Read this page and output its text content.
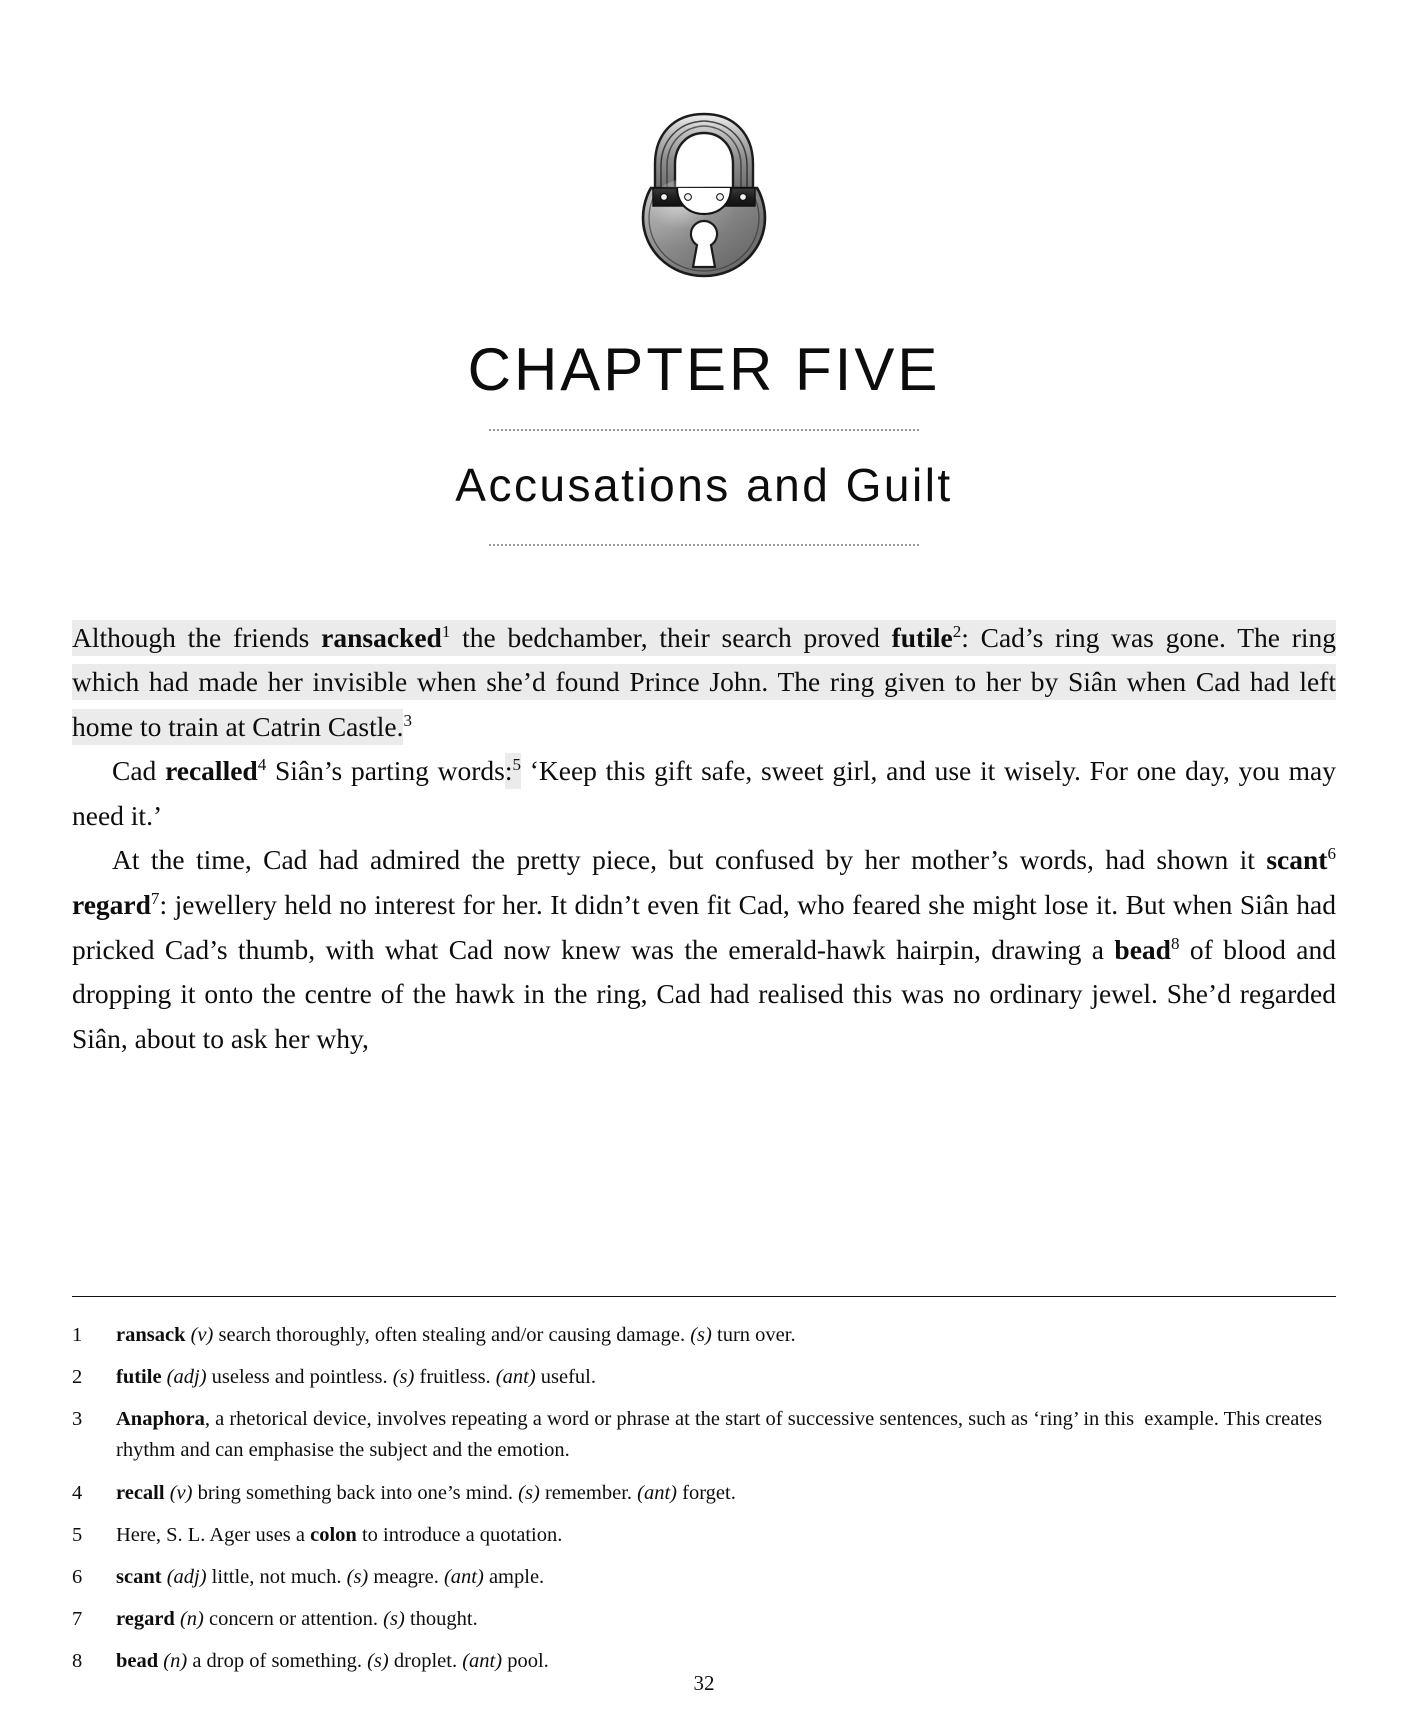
CHAPTER FIVE
Accusations and Guilt

Although the friends ransacked$^1$ the bedchamber, their search proved futile$^2$: Cad’s ring was gone. The ring which had made her invisible when she’d found Prince John. The ring given to her by Siân when Cad had left home to train at Catrin Castle.$^3$

Cad recalled$^4$ Siân’s parting words:$^5$ ‘Keep this gift safe, sweet girl, and use it wisely. For one day, you may need it.’

At the time, Cad had admired the pretty piece, but confused by her mother’s words, had shown it scant$^6$ regard$^7$: jewellery held no interest for her. It didn’t even fit Cad, who feared she might lose it. But when Siân had pricked Cad’s thumb, with what Cad now knew was the emerald-hawk hairpin, drawing a bead$^8$ of blood and dropping it onto the centre of the hawk in the ring, Cad had realised this was no ordinary jewel. She’d regarded Siân, about to ask her why,

1	ransack (v) search thoroughly, often stealing and/or causing damage. (s) turn over.
2	futile (adj) useless and pointless. (s) fruitless. (ant) useful.
3	Anaphora, a rhetorical device, involves repeating a word or phrase at the start of successive sentences, such as ‘ring’ in this  example. This creates rhythm and can emphasise the subject and the emotion.
4	recall (v) bring something back into one’s mind. (s) remember. (ant) forget.
5	Here, S. L. Ager uses a colon to introduce a quotation.
6	scant (adj) little, not much. (s) meagre. (ant) ample.
7	regard (n) concern or attention. (s) thought.
8	bead (n) a drop of something. (s) droplet. (ant) pool.
32
